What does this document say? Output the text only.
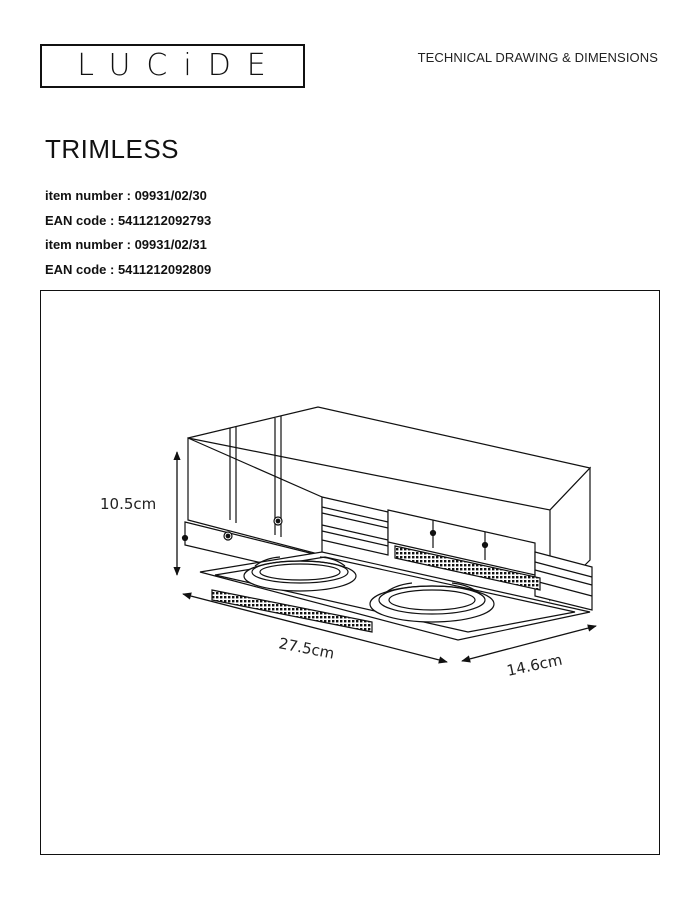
LUCiDE	TECHNICAL DRAWING & DIMENSIONS
TRIMLESS
item number : 09931/02/30
EAN code : 5411212092793
item number : 09931/02/31
EAN code : 5411212092809
10.5cm
27.5cm
14.6cm
